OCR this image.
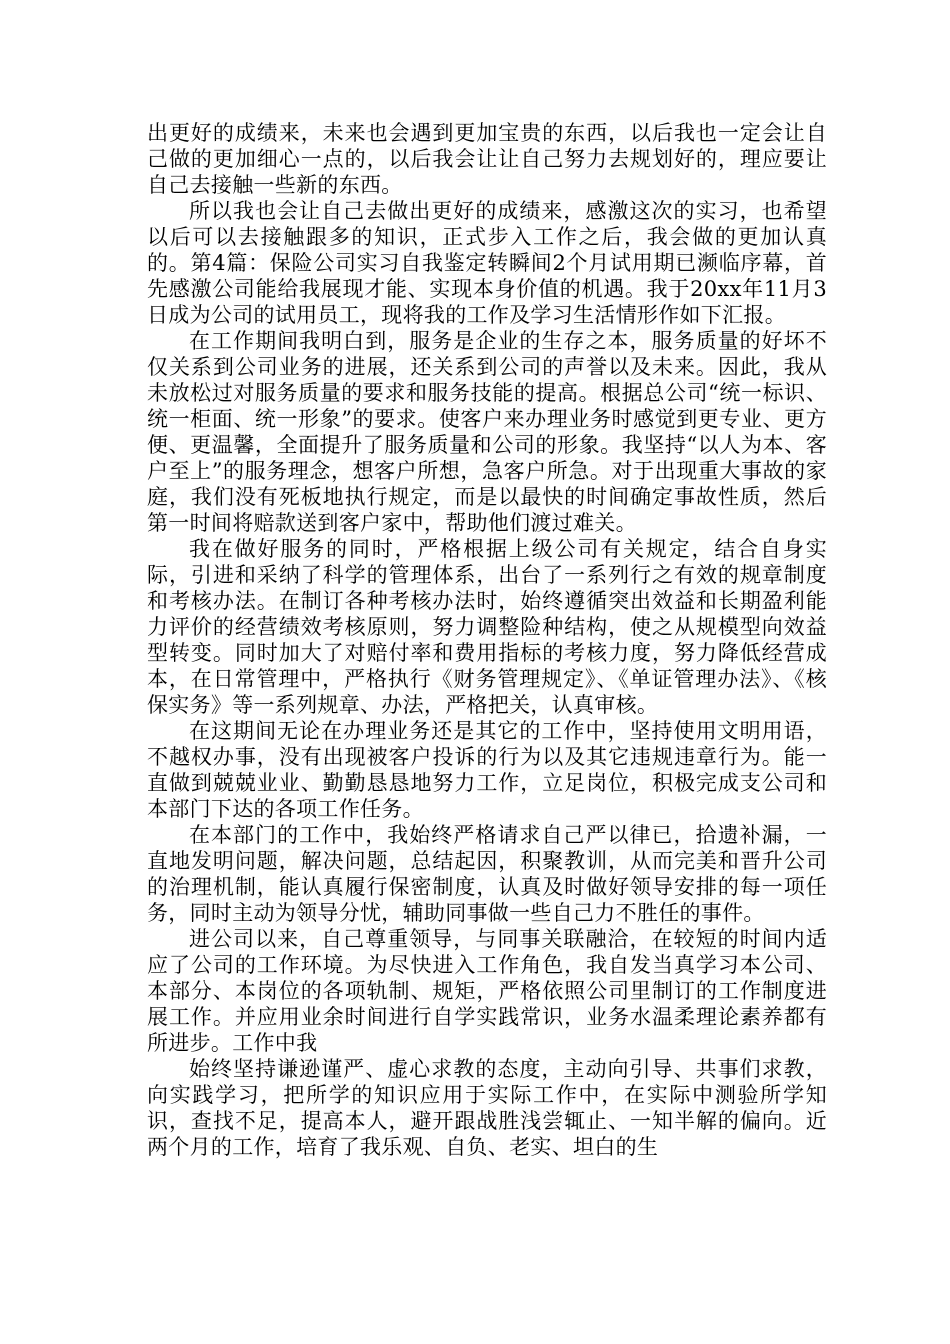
出更好的成绩来，未来也会遇到更加宝贵的东西，以后我也一定会让自己做的更加细心一点的，以后我会让让自己努力去规划好的，理应要让自己去接触一些新的东西。

所以我也会让自己去做出更好的成绩来，感激这次的实习，也希望以后可以去接触跟多的知识，正式步入工作之后，我会做的更加认真的。第4篇：保险公司实习自我鉴定转瞬间2个月试用期已濒临序幕，首先感激公司能给我展现才能、实现本身价值的机遇。我于20xx年11月3日成为公司的试用员工，现将我的工作及学习生活情形作如下汇报。

在工作期间我明白到，服务是企业的生存之本，服务质量的好坏不仅关系到公司业务的进展，还关系到公司的声誉以及未来。因此，我从未放松过对服务质量的要求和服务技能的提高。根据总公司“统一标识、统一柜面、统一形象”的要求。使客户来办理业务时感觉到更专业、更方便、更温馨，全面提升了服务质量和公司的形象。我坚持“以人为本、客户至上”的服务理念，想客户所想，急客户所急。对于出现重大事故的家庭，我们没有死板地执行规定，而是以最快的时间确定事故性质，然后第一时间将赔款送到客户家中，帮助他们渡过难关。

我在做好服务的同时，严格根据上级公司有关规定，结合自身实际，引进和采纳了科学的管理体系，出台了一系列行之有效的规章制度和考核办法。在制订各种考核办法时，始终遵循突出效益和长期盈利能力评价的经营绩效考核原则，努力调整险种结构，使之从规模型向效益型转变。同时加大了对赔付率和费用指标的考核力度，努力降低经营成本，在日常管理中，严格执行《财务管理规定》、《单证管理办法》、《核保实务》等一系列规章、办法，严格把关，认真审核。

在这期间无论在办理业务还是其它的工作中，坚持使用文明用语，不越权办事，没有出现被客户投诉的行为以及其它违规违章行为。能一直做到兢兢业业、勤勤恳恳地努力工作，立足岗位，积极完成支公司和本部门下达的各项工作任务。

在本部门的工作中，我始终严格请求自己严以律已，拾遗补漏，一直地发明问题，解决问题，总结起因，积聚教训，从而完美和晋升公司的治理机制，能认真履行保密制度，认真及时做好领导安排的每一项任务，同时主动为领导分忧，辅助同事做一些自己力不胜任的事件。

进公司以来，自己尊重领导，与同事关联融洽，在较短的时间内适应了公司的工作环境。为尽快进入工作角色，我自发当真学习本公司、本部分、本岗位的各项轨制、规矩，严格依照公司里制订的工作制度进展工作。并应用业余时间进行自学实践常识，业务水温柔理论素养都有所进步。工作中我

始终坚持谦逊谨严、虚心求教的态度，主动向引导、共事们求教，向实践学习，把所学的知识应用于实际工作中，在实际中测验所学知识，查找不足，提高本人，避开跟战胜浅尝辄止、一知半解的偏向。近两个月的工作，培育了我乐观、自负、老实、坦白的生
